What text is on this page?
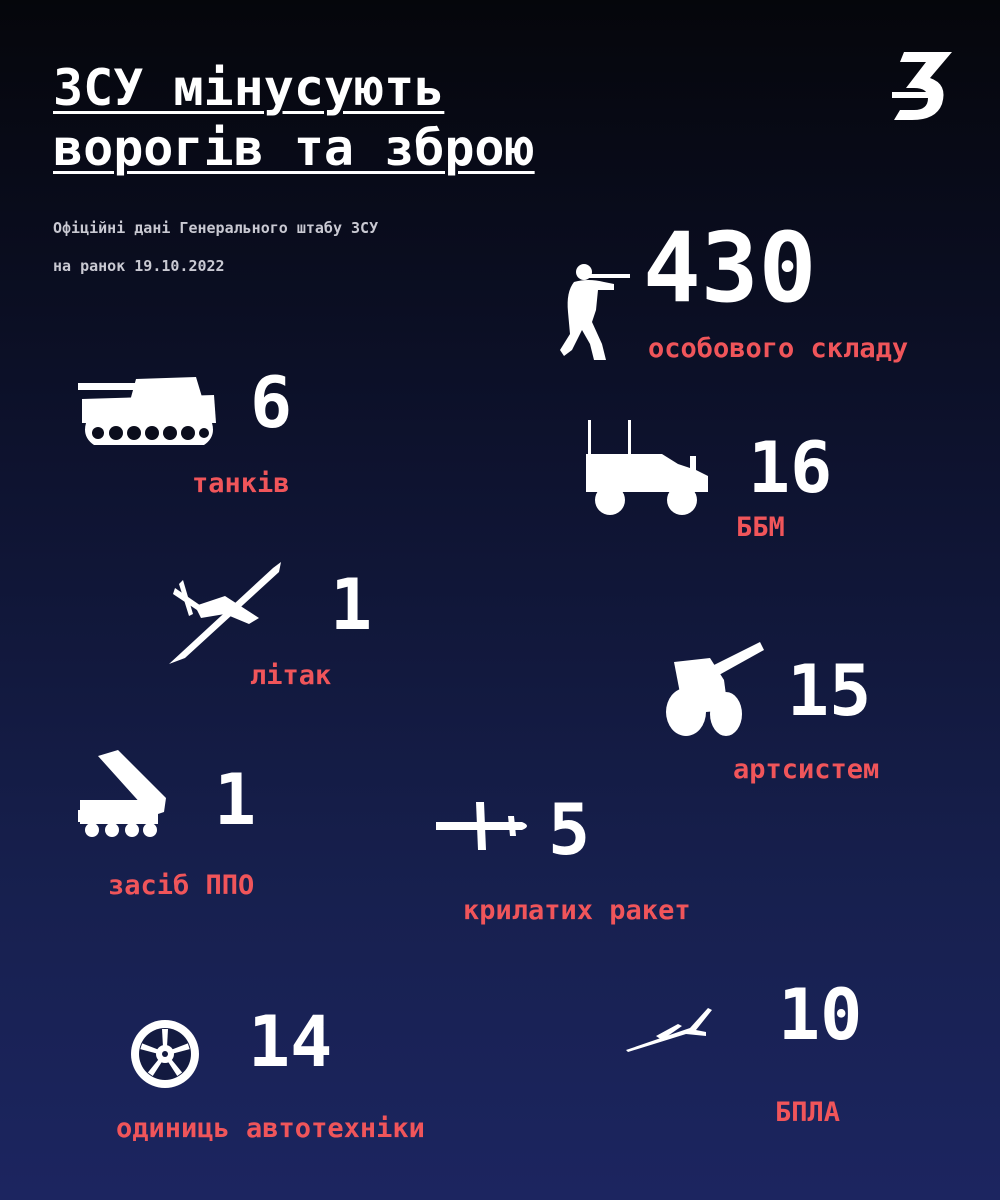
ЗСУ мінусують
ворогів та зброю
Офіційні дані Генерального штабу ЗСУ
на ранок 19.10.2022	430
особового складу
6
танків	16
ББМ
1
літак	15
артсистем
1
засіб ППО
5
крилатих ракет
14
одиниць автотехніки
10
БПЛА
